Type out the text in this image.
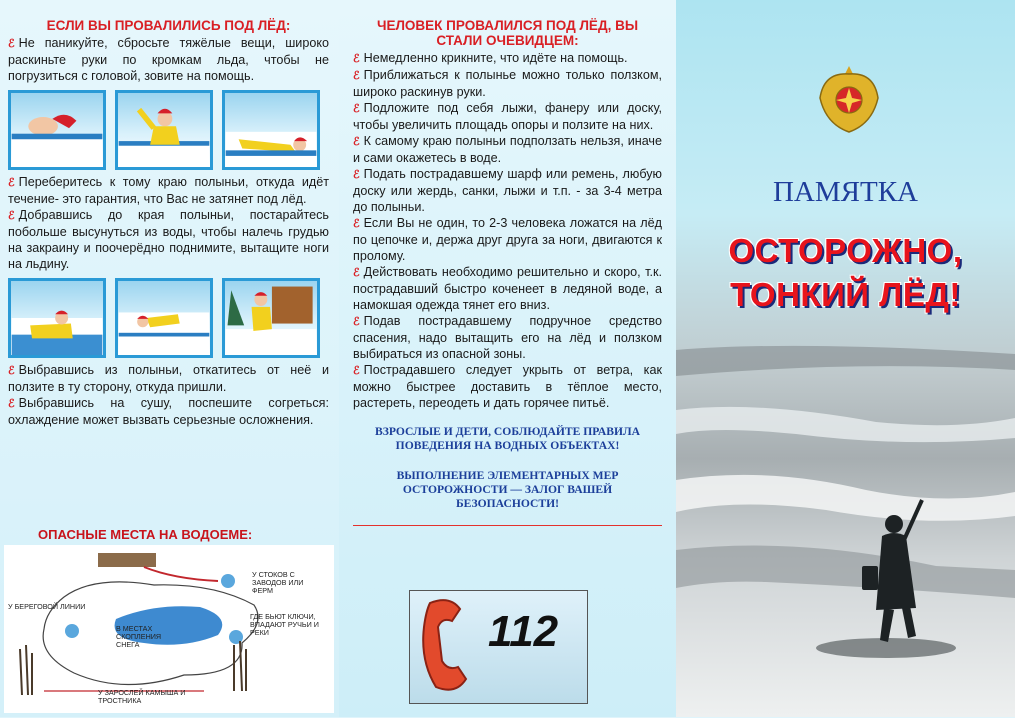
ЕСЛИ ВЫ ПРОВАЛИЛИСЬ ПОД ЛЁД:
ℰ Не паникуйте, сбросьте тяжёлые вещи, широко раскиньте руки по кромкам льда, чтобы не погрузиться с головой, зовите на помощь.
ℰ Переберитесь к тому краю полыньи, откуда идёт течение- это гарантия, что Вас не затянет под лёд.
ℰ Добравшись до края полыньи, постарайтесь побольше высунуться из воды, чтобы налечь грудью на закраину и поочерёдно поднимите, вытащите ноги на льдину.
ℰ Выбравшись из полыньи, откатитесь от неё и ползите в ту сторону, откуда пришли.
ℰ Выбравшись на сушу, поспешите согреться: охлаждение может вызвать серьезные осложнения.
ОПАСНЫЕ МЕСТА НА ВОДОЕМЕ:
У СТОКОВ С ЗАВОДОВ ИЛИ ФЕРМ
У БЕРЕГОВОЙ ЛИНИИ
ГДЕ БЬЮТ КЛЮЧИ, ВПАДАЮТ РУЧЬИ И РЕКИ
В МЕСТАХ СКОПЛЕНИЯ СНЕГА
У ЗАРОСЛЕЙ КАМЫША И ТРОСТНИКА
ЧЕЛОВЕК ПРОВАЛИЛСЯ ПОД ЛЁД, ВЫ СТАЛИ ОЧЕВИДЦЕМ:
ℰ Немедленно крикните, что идёте на помощь.
ℰ Приближаться к полынье можно только ползком, широко раскинув руки.
ℰ Подложите под себя лыжи, фанеру или доску, чтобы увеличить площадь опоры и ползите на них.
ℰ К самому краю полыньи подползать нельзя, иначе и сами окажетесь в воде.
ℰ Подать пострадавшему шарф или ремень, любую доску или жердь, санки, лыжи и т.п. - за 3-4 метра до полыньи.
ℰ Если Вы не один, то 2-3 человека ложатся на лёд по цепочке и, держа друг друга за ноги, двигаются к пролому.
ℰ Действовать необходимо решительно и скоро, т.к. пострадавший быстро коченеет в ледяной воде, а намокшая одежда тянет его вниз.
ℰ Подав пострадавшему подручное средство спасения, надо вытащить его на лёд и ползком выбираться из опасной зоны.
ℰ Пострадавшего следует укрыть от ветра, как можно быстрее доставить в тёплое место, растереть, переодеть и дать горячее питьё.
ВЗРОСЛЫЕ И ДЕТИ, СОБЛЮДАЙТЕ ПРАВИЛА ПОВЕДЕНИЯ НА ВОДНЫХ ОБЪЕКТАХ!
ВЫПОЛНЕНИЕ ЭЛЕМЕНТАРНЫХ МЕР ОСТОРОЖНОСТИ — ЗАЛОГ ВАШЕЙ БЕЗОПАСНОСТИ!
112
ПАМЯТКА
ОСТОРОЖНО,
ТОНКИЙ ЛЁД!
